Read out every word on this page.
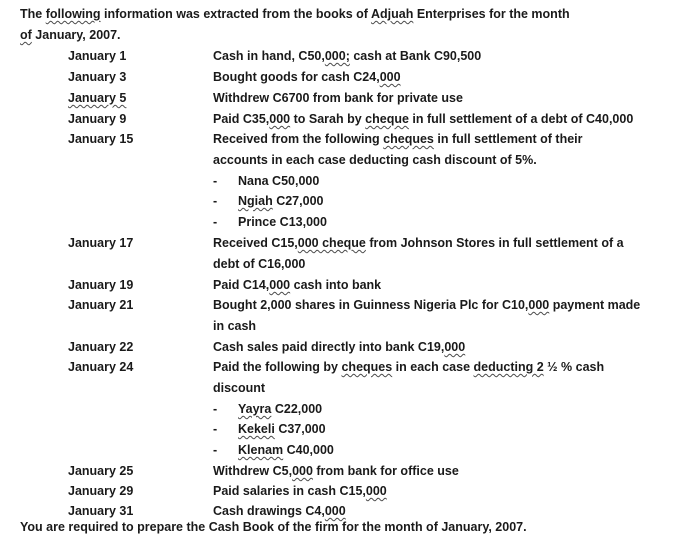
The following information was extracted from the books of Adjuah Enterprises for the month
of January, 2007.
January 1	Cash in hand, C50,000; cash at Bank C90,500
January 3	Bought goods for cash C24,000
January 5	Withdrew C6700 from bank for private use
January 9	Paid C35,000 to Sarah by cheque in full settlement of a debt of C40,000
January 15	Received from the following cheques in full settlement of their
accounts in each case deducting cash discount of 5%.
- Nana C50,000
- Ngiah C27,000
- Prince C13,000
January 17	Received C15,000 cheque from Johnson Stores in full settlement of a
debt of C16,000
January 19	Paid C14,000 cash into bank
January 21	Bought 2,000 shares in Guinness Nigeria Plc for C10,000 payment made
in cash
January 22	Cash sales paid directly into bank C19,000
January 24	Paid the following by cheques in each case deducting 2 ½ % cash
discount
- Yayra C22,000
- Kekeli C37,000
- Klenam C40,000
January 25	Withdrew C5,000 from bank for office use
January 29	Paid salaries in cash C15,000
January 31	Cash drawings C4,000
You are required to prepare the Cash Book of the firm for the month of January, 2007.
